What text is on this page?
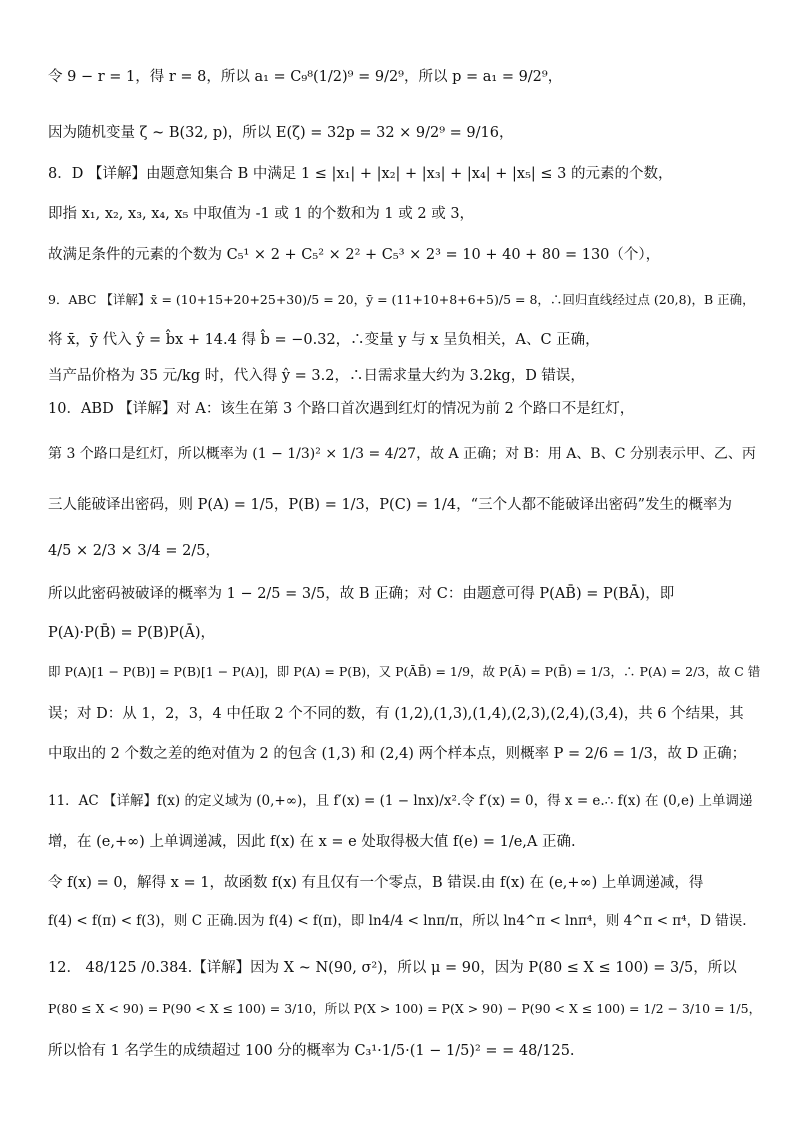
令 9 − r = 1，得 r = 8，所以 a₁ = C₉⁸(1/2)⁹ = 9/2⁹，所以 p = a₁ = 9/2⁹，
因为随机变量 ζ ~ B(32, p)，所以 E(ζ) = 32p = 32 × 9/2⁹ = 9/16，
8．D 【详解】由题意知集合 B 中满足 1 ≤ |x₁| + |x₂| + |x₃| + |x₄| + |x₅| ≤ 3 的元素的个数，
即指 x₁, x₂, x₃, x₄, x₅ 中取值为 -1 或 1 的个数和为 1 或 2 或 3，
故满足条件的元素的个数为 C₅¹ × 2 + C₅² × 2² + C₅³ × 2³ = 10 + 40 + 80 = 130（个），
9．ABC 【详解】x̄ = (10+15+20+25+30)/5 = 20，ȳ = (11+10+8+6+5)/5 = 8，∴回归直线经过点 (20,8)，B 正确，
将 x̄，ȳ 代入 ŷ = b̂x + 14.4 得 b̂ = −0.32，∴变量 y 与 x 呈负相关，A、C 正确，
当产品价格为 35 元/kg 时，代入得 ŷ = 3.2，∴日需求量大约为 3.2kg，D 错误，
10．ABD 【详解】对 A：该生在第 3 个路口首次遇到红灯的情况为前 2 个路口不是红灯，
第 3 个路口是红灯，所以概率为 (1 − 1/3)² × 1/3 = 4/27，故 A 正确；对 B：用 A、B、C 分别表示甲、乙、丙
三人能破译出密码，则 P(A) = 1/5，P(B) = 1/3，P(C) = 1/4，“三个人都不能破译出密码”发生的概率为
4/5 × 2/3 × 3/4 = 2/5，
所以此密码被破译的概率为 1 − 2/5 = 3/5，故 B 正确；对 C：由题意可得 P(AB̄) = P(BĀ)，即
P(A)·P(B̄) = P(B)P(Ā)，
即 P(A)[1 − P(B)] = P(B)[1 − P(A)]，即 P(A) = P(B)，又 P(ĀB̄) = 1/9，故 P(Ā) = P(B̄) = 1/3，∴ P(A) = 2/3，故 C 错
误；对 D：从 1，2，3，4 中任取 2 个不同的数，有 (1,2),(1,3),(1,4),(2,3),(2,4),(3,4)，共 6 个结果，其
中取出的 2 个数之差的绝对值为 2 的包含 (1,3) 和 (2,4) 两个样本点，则概率 P = 2/6 = 1/3，故 D 正确；
11．AC 【详解】f(x) 的定义域为 (0,+∞)，且 f′(x) = (1 − lnx)/x².令 f′(x) = 0，得 x = e.∴ f(x) 在 (0,e) 上单调递
增，在 (e,+∞) 上单调递减，因此 f(x) 在 x = e 处取得极大值 f(e) = 1/e,A 正确.
令 f(x) = 0，解得 x = 1，故函数 f(x) 有且仅有一个零点，B 错误.由 f(x) 在 (e,+∞) 上单调递减，得
f(4) < f(π) < f(3)，则 C 正确.因为 f(4) < f(π)，即 ln4/4 < lnπ/π，所以 ln4^π < lnπ⁴，则 4^π < π⁴，D 错误.
12． 48/125 /0.384.【详解】因为 X ~ N(90, σ²)，所以 μ = 90，因为 P(80 ≤ X ≤ 100) = 3/5，所以
P(80 ≤ X < 90) = P(90 < X ≤ 100) = 3/10，所以 P(X > 100) = P(X > 90) − P(90 < X ≤ 100) = 1/2 − 3/10 = 1/5，
所以恰有 1 名学生的成绩超过 100 分的概率为 C₃¹·1/5·(1 − 1/5)² = = 48/125.
